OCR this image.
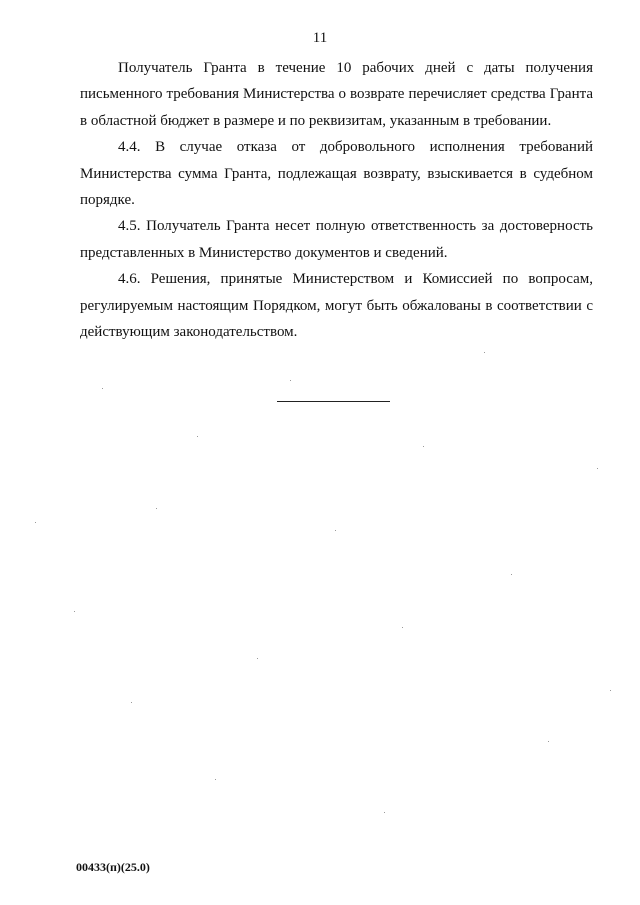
11

Получатель Гранта в течение 10 рабочих дней с даты получения письменного требования Министерства о возврате перечисляет средства Гранта в областной бюджет в размере и по реквизитам, указанным в требовании.

4.4. В случае отказа от добровольного исполнения требований Министерства сумма Гранта, подлежащая возврату, взыскивается в судебном порядке.

4.5. Получатель Гранта несет полную ответственность за достоверность представленных в Министерство документов и сведений.

4.6. Решения, принятые Министерством и Комиссией по вопросам, регулируемым настоящим Порядком, могут быть обжалованы в соответствии с действующим законодательством.

00433(п)(25.0)
